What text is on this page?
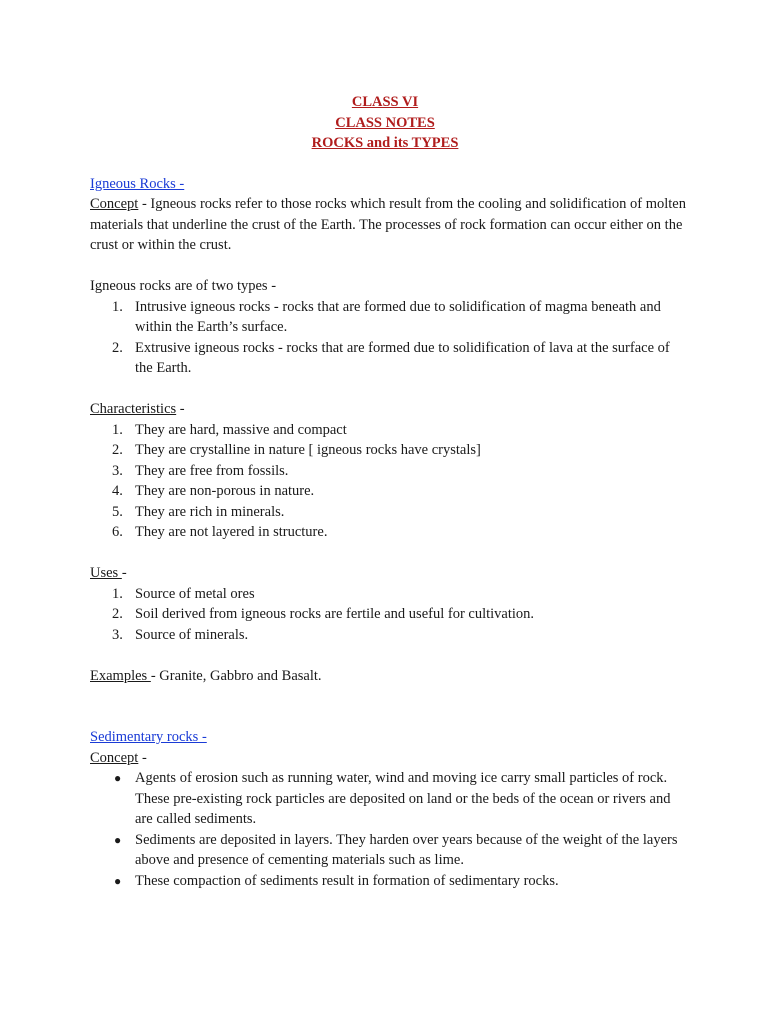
CLASS VI
CLASS NOTES
ROCKS and its TYPES

Igneous Rocks -

Concept - Igneous rocks refer to those rocks which result from the cooling and solidification of molten materials that underline the crust of the Earth. The processes of rock formation can occur either on the crust or within the crust.

Igneous rocks are of two types -

1. Intrusive igneous rocks - rocks that are formed due to solidification of magma beneath and within the Earth’s surface.
2. Extrusive igneous rocks - rocks that are formed due to solidification of lava at the surface of the Earth.

Characteristics -

1. They are hard, massive and compact
2. They are crystalline in nature [ igneous rocks have crystals]
3. They are free from fossils.
4. They are non-porous in nature.
5. They are rich in minerals.
6. They are not layered in structure.

Uses -

1. Source of metal ores
2. Soil derived from igneous rocks are fertile and useful for cultivation.
3. Source of minerals.

Examples - Granite, Gabbro and Basalt.

Sedimentary rocks -

Concept -

● Agents of erosion such as running water, wind and moving ice carry small particles of rock. These pre-existing rock particles are deposited on land or the beds of the ocean or rivers and are called sediments.
● Sediments are deposited in layers. They harden over years because of the weight of the layers above and presence of cementing materials such as lime.
● These compaction of sediments result in formation of sedimentary rocks.
